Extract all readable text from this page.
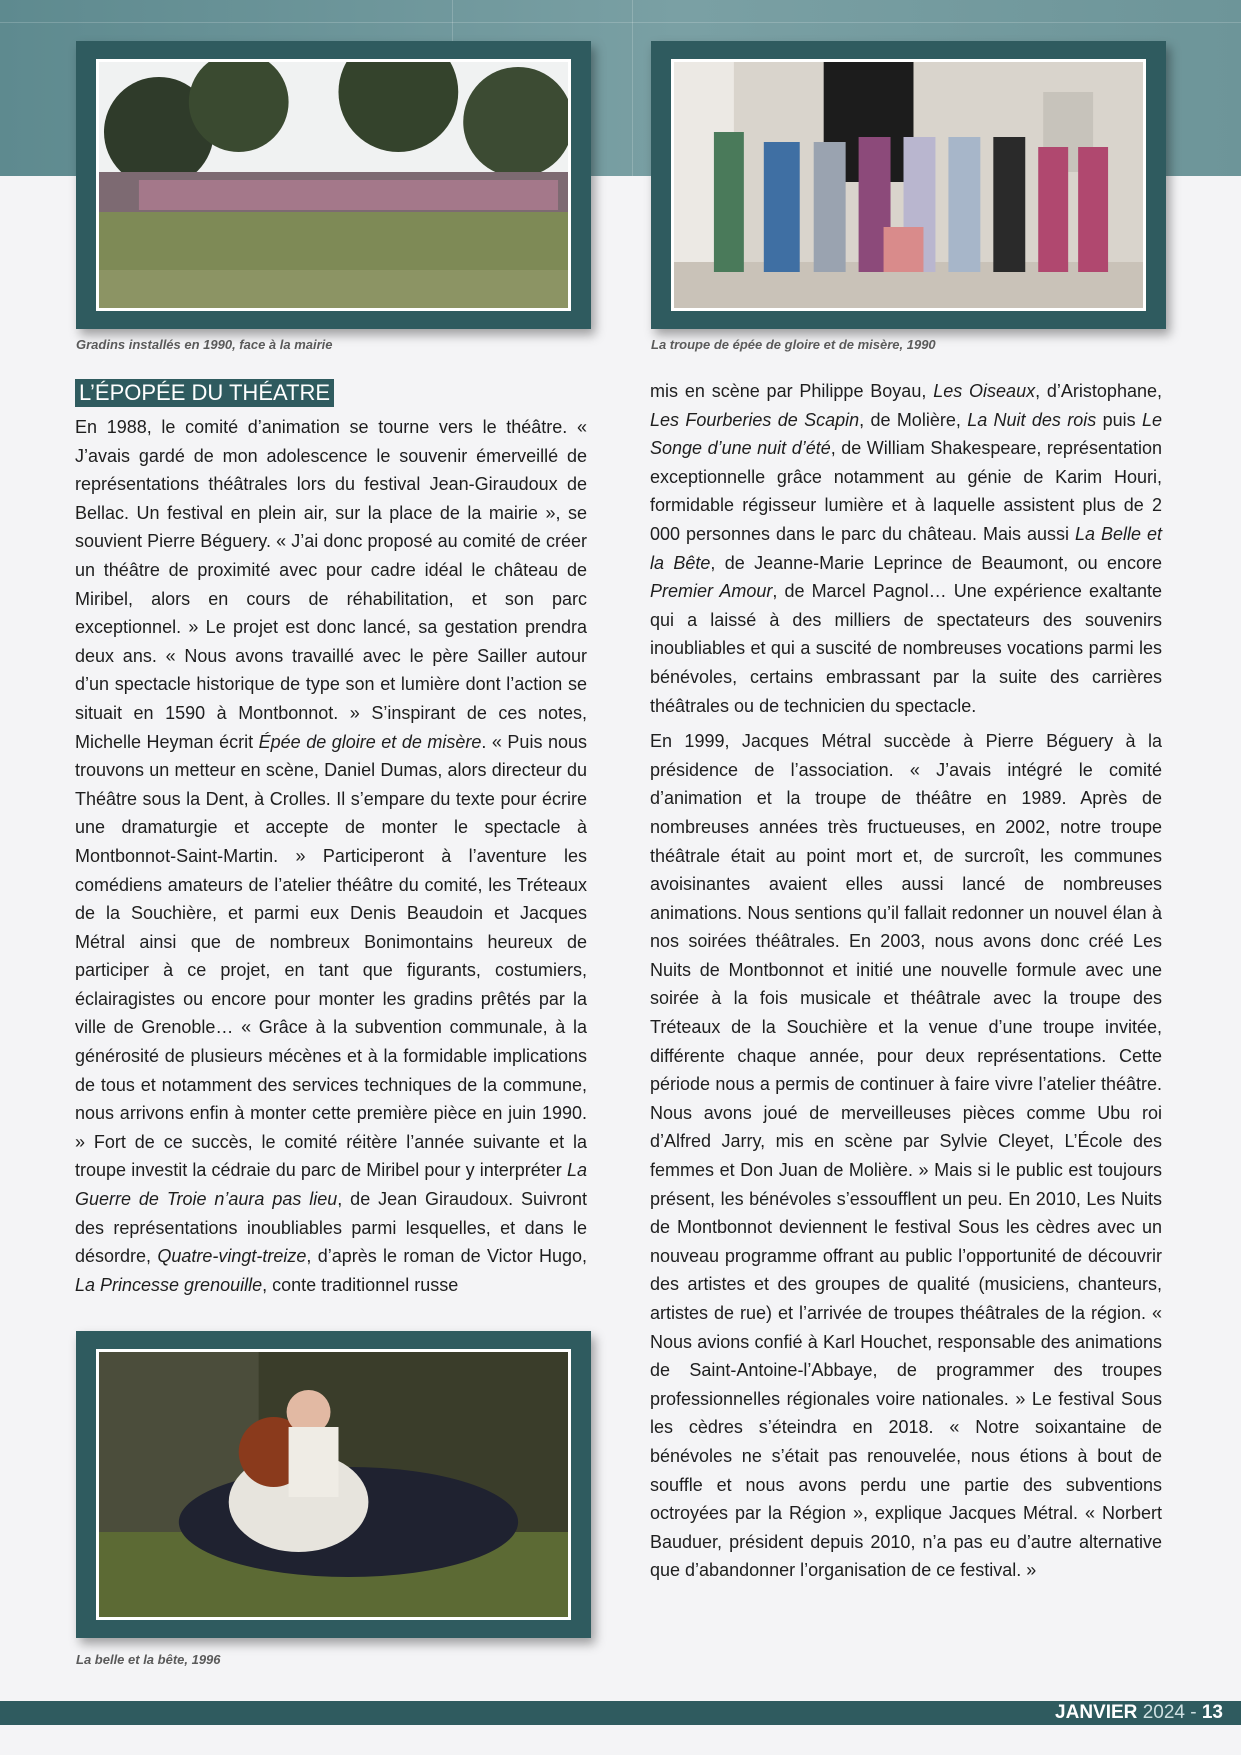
Gradins installés en 1990, face à la mairie	La troupe de épée de gloire et de misère, 1990
La belle et la bête, 1996
L’ÉPOPÉE DU THÉATRE

En 1988, le comité d’animation se tourne vers le théâtre. « J’avais gardé de mon adolescence le souvenir émerveillé de représentations théâtrales lors du festival Jean-Giraudoux de Bellac. Un festival en plein air, sur la place de la mairie », se souvient Pierre Béguery. « J’ai donc proposé au comité de créer un théâtre de proximité avec pour cadre idéal le château de Miribel, alors en cours de réhabilitation, et son parc exceptionnel. » Le projet est donc lancé, sa gestation prendra deux ans. « Nous avons travaillé avec le père Sailler autour d’un spectacle historique de type son et lumière dont l’action se situait en 1590 à Montbonnot. » S’inspirant de ces notes, Michelle Heyman écrit Épée de gloire et de misère. « Puis nous trouvons un metteur en scène, Daniel Dumas, alors directeur du Théâtre sous la Dent, à Crolles. Il s’empare du texte pour écrire une dramaturgie et accepte de monter le spectacle à Montbonnot-Saint-Martin. » Participeront à l’aventure les comédiens amateurs de l’atelier théâtre du comité, les Tréteaux de la Souchière, et parmi eux Denis Beaudoin et Jacques Métral ainsi que de nombreux Bonimontains heureux de participer à ce projet, en tant que figurants, costumiers, éclairagistes ou encore pour monter les gradins prêtés par la ville de Grenoble… « Grâce à la subvention communale, à la générosité de plusieurs mécènes et à la formidable implications de tous et notamment des services techniques de la commune, nous arrivons enfin à monter cette première pièce en juin 1990. » Fort de ce succès, le comité réitère l’année suivante et la troupe investit la cédraie du parc de Miribel pour y interpréter La Guerre de Troie n’aura pas lieu, de Jean Giraudoux. Suivront des représentations inoubliables parmi lesquelles, et dans le désordre, Quatre-vingt-treize, d’après le roman de Victor Hugo, La Princesse grenouille, conte traditionnel russe

mis en scène par Philippe Boyau, Les Oiseaux, d’Aristophane, Les Fourberies de Scapin, de Molière, La Nuit des rois puis Le Songe d’une nuit d’été, de William Shakespeare, représentation exceptionnelle grâce notamment au génie de Karim Houri, formidable régisseur lumière et à laquelle assistent plus de 2 000 personnes dans le parc du château. Mais aussi La Belle et la Bête, de Jeanne-Marie Leprince de Beaumont, ou encore Premier Amour, de Marcel Pagnol… Une expérience exaltante qui a laissé à des milliers de spectateurs des souvenirs inoubliables et qui a suscité de nombreuses vocations parmi les bénévoles, certains embrassant par la suite des carrières théâtrales ou de technicien du spectacle.

En 1999, Jacques Métral succède à Pierre Béguery à la présidence de l’association. « J’avais intégré le comité d’animation et la troupe de théâtre en 1989. Après de nombreuses années très fructueuses, en 2002, notre troupe théâtrale était au point mort et, de surcroît, les communes avoisinantes avaient elles aussi lancé de nombreuses animations. Nous sentions qu’il fallait redonner un nouvel élan à nos soirées théâtrales. En 2003, nous avons donc créé Les Nuits de Montbonnot et initié une nouvelle formule avec une soirée à la fois musicale et théâtrale avec la troupe des Tréteaux de la Souchière et la venue d’une troupe invitée, différente chaque année, pour deux représentations. Cette période nous a permis de continuer à faire vivre l’atelier théâtre. Nous avons joué de merveilleuses pièces comme Ubu roi d’Alfred Jarry, mis en scène par Sylvie Cleyet, L’École des femmes et Don Juan de Molière. » Mais si le public est toujours présent, les bénévoles s’essoufflent un peu. En 2010, Les Nuits de Montbonnot deviennent le festival Sous les cèdres avec un nouveau programme offrant au public l’opportunité de découvrir des artistes et des groupes de qualité (musiciens, chanteurs, artistes de rue) et l’arrivée de troupes théâtrales de la région. « Nous avions confié à Karl Houchet, responsable des animations de Saint-Antoine-l’Abbaye, de programmer des troupes professionnelles régionales voire nationales. » Le festival Sous les cèdres s’éteindra en 2018. « Notre soixantaine de bénévoles ne s’était pas renouvelée, nous étions à bout de souffle et nous avons perdu une partie des subventions octroyées par la Région », explique Jacques Métral. « Norbert Bauduer, président depuis 2010, n’a pas eu d’autre alternative que d’abandonner l’organisation de ce festival. »

JANVIER 2024 - 13
